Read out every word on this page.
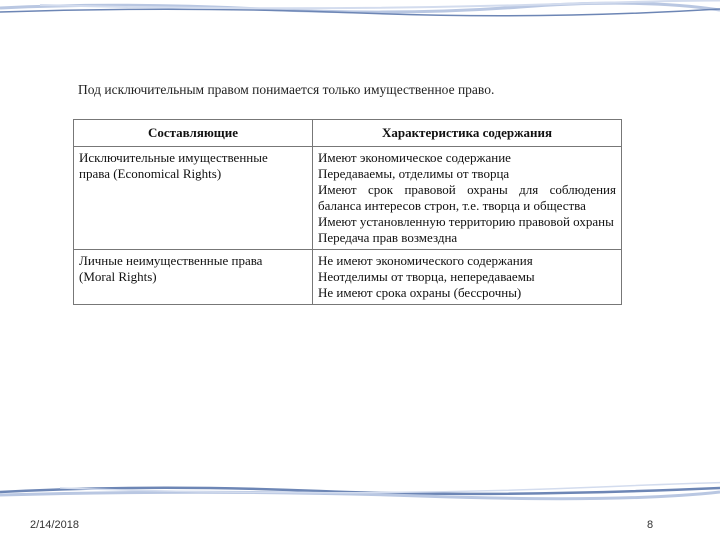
Под исключительным правом понимается только имущественное право.

Составляющие	Характеристика содержания

Исключительные имущественные
права (Economical Rights)	Имеют экономическое содержание
Передаваемы, отделимы от творца
Имеют срок правовой охраны для соблюдения баланса интересов строн, т.е. творца и общества
Имеют установленную территорию правовой охраны
Передача прав возмездна

Личные неимущественные права
(Moral Rights)	Не имеют экономического содержания
Неотделимы от творца, непередаваемы
Не имеют срока охраны (бессрочны)
2/14/2018	8
